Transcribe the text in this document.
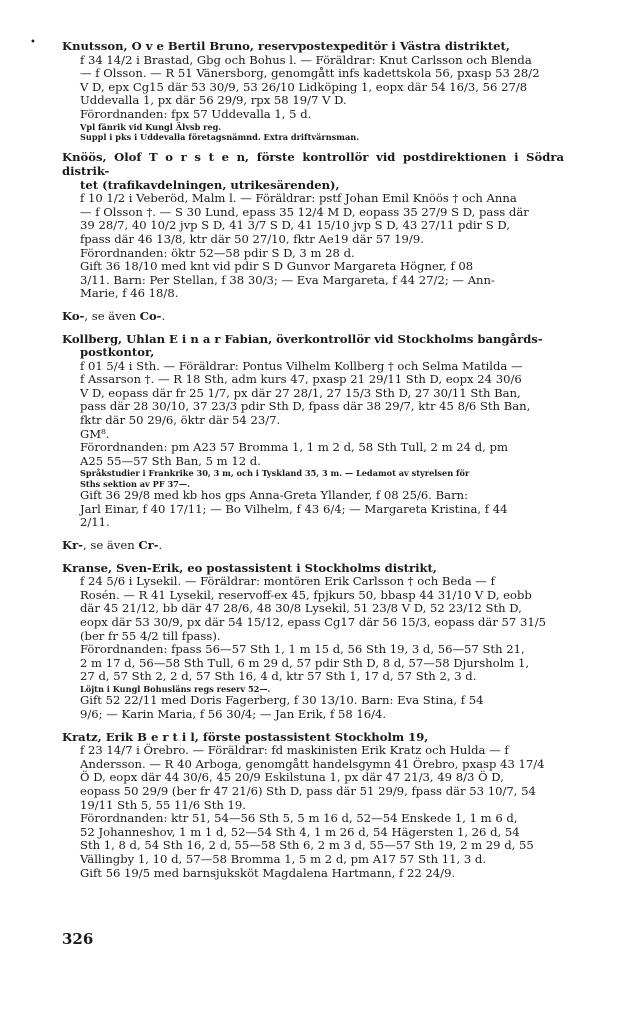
• Knutsson, O v e Bertil Bruno, reservpostexpeditör i Västra distriktet,
f 34 14/2 i Brastad, Gbg och Bohus l. — Föräldrar: Knut Carlsson och Blenda
— f Olsson. — R 51 Vänersborg, genomgått infs kadettskola 56, pxasp 53 28/2
V D, epx Cg15 där 53 30/9, 53 26/10 Lidköping 1, eopx där 54 16/3, 56 27/8
Uddevalla 1, px där 56 29/9, rpx 58 19/7 V D.
Förordnanden: fpx 57 Uddevalla 1, 5 d.
Vpl fänrik vid Kungl Älvsb reg.
Suppl i pks i Uddevalla företagsnämnd. Extra driftvärnsman.
Knöös, Olof T o r s t e n, förste kontrollör vid postdirektionen i Södra distrik-
tet (trafikavdelningen, utrikesärenden),
f 10 1/2 i Veberöd, Malm l. — Föräldrar: pstf Johan Emil Knöös † och Anna
— f Olsson †. — S 30 Lund, epass 35 12/4 M D, eopass 35 27/9 S D, pass där
39 28/7, 40 10/2 jvp S D, 41 3/7 S D, 41 15/10 jvp S D, 43 27/11 pdir S D,
fpass där 46 13/8, ktr där 50 27/10, fktr Ae19 där 57 19/9.
Förordnanden: öktr 52—58 pdir S D, 3 m 28 d.
Gift 36 18/10 med knt vid pdir S D Gunvor Margareta Högner, f 08
3/11. Barn: Per Stellan, f 38 30/3; — Eva Margareta, f 44 27/2; — Ann-
Marie, f 46 18/8.
Ko-, se även Co-.
Kollberg, Uhlan E i n a r Fabian, överkontrollör vid Stockholms bangårds-
postkontor,
f 01 5/4 i Sth. — Föräldrar: Pontus Vilhelm Kollberg † och Selma Matilda —
f Assarson †. — R 18 Sth, adm kurs 47, pxasp 21 29/11 Sth D, eopx 24 30/6
V D, eopass där fr 25 1/7, px där 27 28/1, 27 15/3 Sth D, 27 30/11 Sth Ban,
pass där 28 30/10, 37 23/3 pdir Sth D, fpass där 38 29/7, ktr 45 8/6 Sth Ban,
fktr där 50 29/6, öktr där 54 23/7.
GM⁸.
Förordnanden: pm A23 57 Bromma 1, 1 m 2 d, 58 Sth Tull, 2 m 24 d, pm
A25 55—57 Sth Ban, 5 m 12 d.
Språkstudier i Frankrike 30, 3 m, och i Tyskland 35, 3 m. — Ledamot av styrelsen för
Sths sektion av PF 37—.
Gift 36 29/8 med kb hos gps Anna-Greta Yllander, f 08 25/6. Barn:
Jarl Einar, f 40 17/11; — Bo Vilhelm, f 43 6/4; — Margareta Kristina, f 44
2/11.
Kr-, se även Cr-.
Kranse, Sven-Erik, eo postassistent i Stockholms distrikt,
f 24 5/6 i Lysekil. — Föräldrar: montören Erik Carlsson † och Beda — f
Rosén. — R 41 Lysekil, reservoff-ex 45, fpjkurs 50, bbasp 44 31/10 V D, eobb
där 45 21/12, bb där 47 28/6, 48 30/8 Lysekil, 51 23/8 V D, 52 23/12 Sth D,
eopx där 53 30/9, px där 54 15/12, epass Cg17 där 56 15/3, eopass där 57 31/5
(ber fr 55 4/2 till fpass).
Förordnanden: fpass 56—57 Sth 1, 1 m 15 d, 56 Sth 19, 3 d, 56—57 Sth 21,
2 m 17 d, 56—58 Sth Tull, 6 m 29 d, 57 pdir Sth D, 8 d, 57—58 Djursholm 1,
27 d, 57 Sth 2, 2 d, 57 Sth 16, 4 d, ktr 57 Sth 1, 17 d, 57 Sth 2, 3 d.
Löjtn i Kungl Bohusläns regs reserv 52—.
Gift 52 22/11 med Doris Fagerberg, f 30 13/10. Barn: Eva Stina, f 54
9/6; — Karin Maria, f 56 30/4; — Jan Erik, f 58 16/4.
Kratz, Erik B e r t i l, förste postassistent Stockholm 19,
f 23 14/7 i Örebro. — Föräldrar: fd maskinisten Erik Kratz och Hulda — f
Andersson. — R 40 Arboga, genomgått handelsgymn 41 Örebro, pxasp 43 17/4
Ö D, eopx där 44 30/6, 45 20/9 Eskilstuna 1, px där 47 21/3, 49 8/3 Ö D,
eopass 50 29/9 (ber fr 47 21/6) Sth D, pass där 51 29/9, fpass där 53 10/7, 54
19/11 Sth 5, 55 11/6 Sth 19.
Förordnanden: ktr 51, 54—56 Sth 5, 5 m 16 d, 52—54 Enskede 1, 1 m 6 d,
52 Johanneshov, 1 m 1 d, 52—54 Sth 4, 1 m 26 d, 54 Hägersten 1, 26 d, 54
Sth 1, 8 d, 54 Sth 16, 2 d, 55—58 Sth 6, 2 m 3 d, 55—57 Sth 19, 2 m 29 d, 55
Vällingby 1, 10 d, 57—58 Bromma 1, 5 m 2 d, pm A17 57 Sth 11, 3 d.
Gift 56 19/5 med barnsjuksköt Magdalena Hartmann, f 22 24/9.
326
